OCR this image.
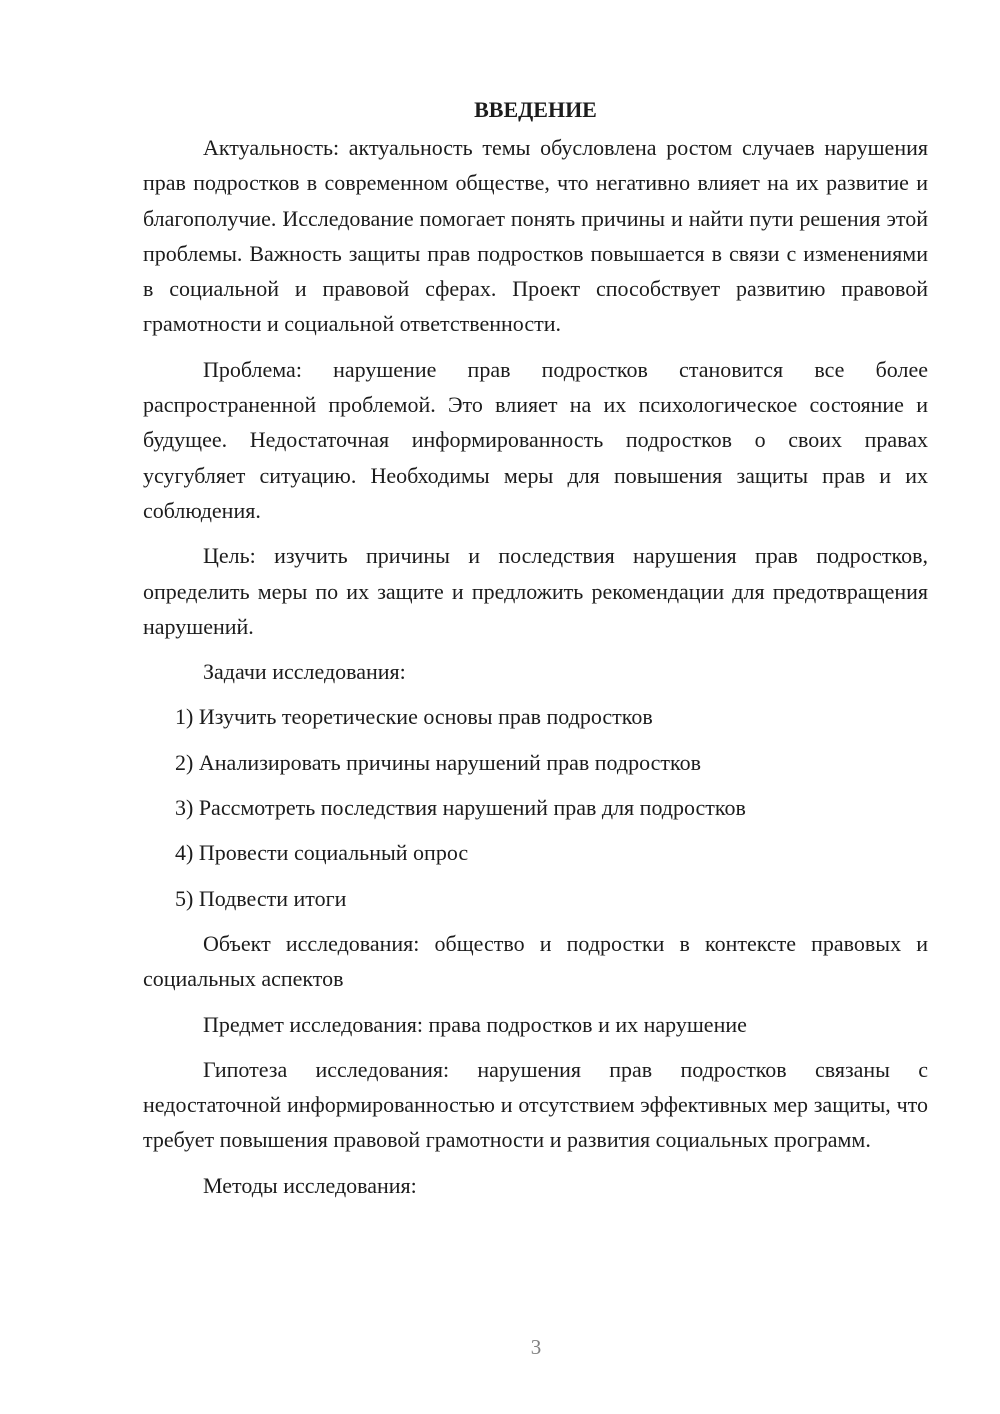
ВВЕДЕНИЕ

Актуальность: актуальность темы обусловлена ростом случаев нарушения прав подростков в современном обществе, что негативно влияет на их развитие и благополучие. Исследование помогает понять причины и найти пути решения этой проблемы. Важность защиты прав подростков повышается в связи с изменениями в социальной и правовой сферах. Проект способствует развитию правовой грамотности и социальной ответственности.

Проблема: нарушение прав подростков становится все более распространенной проблемой. Это влияет на их психологическое состояние и будущее. Недостаточная информированность подростков о своих правах усугубляет ситуацию. Необходимы меры для повышения защиты прав и их соблюдения.

Цель: изучить причины и последствия нарушения прав подростков, определить меры по их защите и предложить рекомендации для предотвращения нарушений.

Задачи исследования:

1) Изучить теоретические основы прав подростков
2) Анализировать причины нарушений прав подростков
3) Рассмотреть последствия нарушений прав для подростков
4) Провести социальный опрос
5) Подвести итоги

Объект исследования: общество и подростки в контексте правовых и социальных аспектов

Предмет исследования: права подростков и их нарушение

Гипотеза исследования: нарушения прав подростков связаны с недостаточной информированностью и отсутствием эффективных мер защиты, что требует повышения правовой грамотности и развития социальных программ.

Методы исследования:

3
